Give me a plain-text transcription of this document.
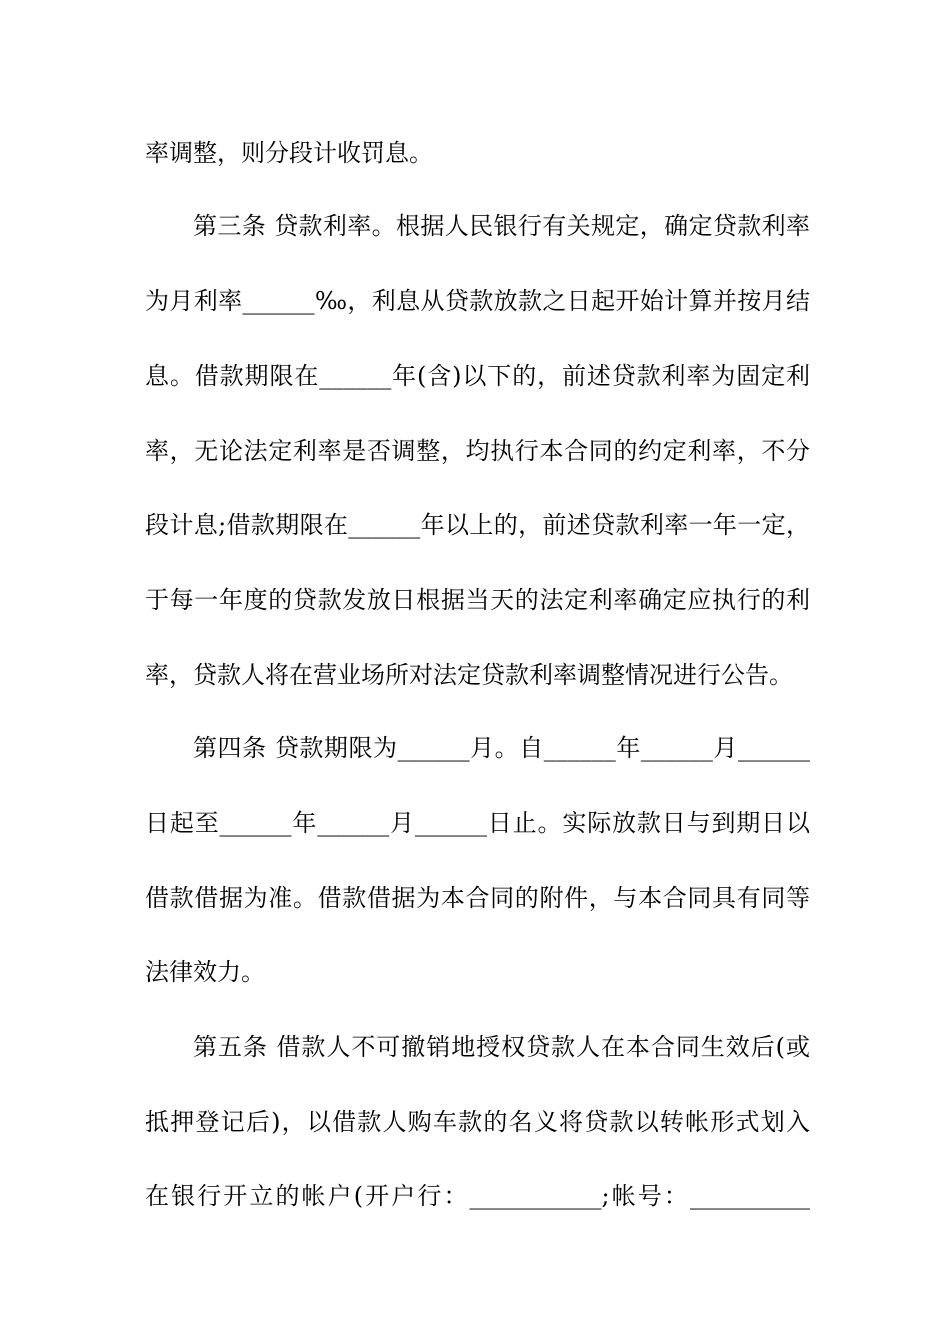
率调整，则分段计收罚息。
第三条 贷款利率。根据人民银行有关规定，确定贷款利率
为月利率______‰，利息从贷款放款之日起开始计算并按月结
息。借款期限在______年(含)以下的，前述贷款利率为固定利
率，无论法定利率是否调整，均执行本合同的约定利率，不分
段计息;借款期限在______年以上的，前述贷款利率一年一定，
于每一年度的贷款发放日根据当天的法定利率确定应执行的利
率，贷款人将在营业场所对法定贷款利率调整情况进行公告。
第四条 贷款期限为______月。自______年______月______
日起至______年______月______日止。实际放款日与到期日以
借款借据为准。借款借据为本合同的附件，与本合同具有同等
法律效力。
第五条 借款人不可撤销地授权贷款人在本合同生效后(或
抵押登记后)，以借款人购车款的名义将贷款以转帐形式划入
在银行开立的帐户(开户行：___________;帐号：__________
